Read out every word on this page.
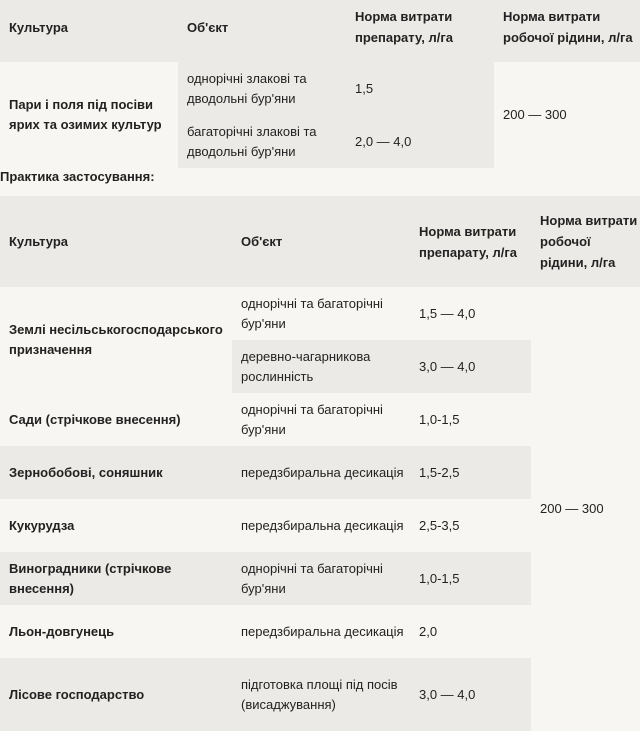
Культура	Об'єкт	Норма витрати препарату, л/га	Норма витрати робочої рідини, л/га
Пари і поля під посіви ярих та озимих культур	однорічні злакові та дводольні бур'яни	1,5	200 — 300
	багаторічні злакові та дводольні бур'яни	2,0 — 4,0	
Практика застосування:
Культура	Об'єкт	Норма витрати препарату, л/га	Норма витрати робочої рідини, л/га
Землі несільськогосподарського призначення	однорічні та багаторічні бур'яни	1,5 — 4,0	200 — 300
	деревно-чагарникова рослинність	3,0 — 4,0	
Сади (стрічкове внесення)	однорічні та багаторічні бур'яни	1,0-1,5	
Зернобобові, соняшник	передзбиральна десикація	1,5-2,5	
Кукурудза	передзбиральна десикація	2,5-3,5	
Виноградники (стрічкове внесення)	однорічні та багаторічні бур'яни	1,0-1,5	
Льон-довгунець	передзбиральна десикація	2,0	
Лісове господарство	підготовка площі під посів (висаджування)	3,0 — 4,0	
